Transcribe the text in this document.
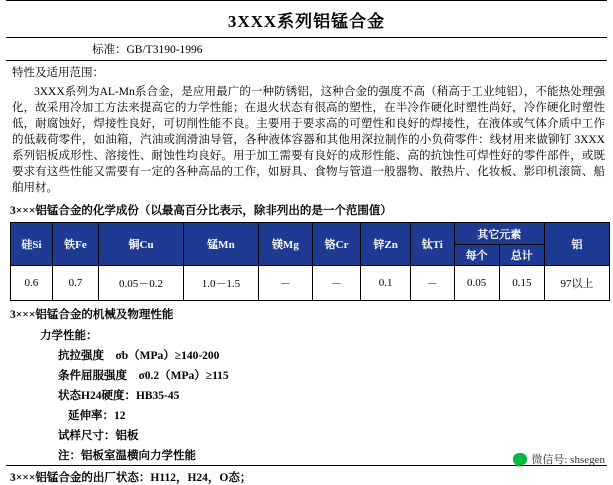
3XXX系列铝锰合金
标准：GB/T3190-1996
特性及适用范围：
3XXX系列为AL-Mn系合金，是应用最广的一种防锈铝，这种合金的强度不高（稍高于工业纯铝），不能热处理强化，故采用冷加工方法来提高它的力学性能；在退火状态有很高的塑性，在半冷作硬化时塑性尚好，冷作硬化时塑性低，耐腐蚀好，焊接性良好，可切削性能不良。主要用于要求高的可塑性和良好的焊接性，在液体或气体介质中工作的低载荷零件，如油箱，汽油或润滑油导管，各种液体容器和其他用深拉制作的小负荷零件：线材用来做铆钉 3XXX系列铝板成形性、溶接性、耐蚀性均良好。用于加工需要有良好的成形性能、高的抗蚀性可焊性好的零件部件，或既要求有这些性能又需要有一定的各种高品的工作，如厨具、食物与管道一般器物、散热片、化妆板、影印机滚筒、船舶用材。
3×××铝锰合金的化学成份（以最高百分比表示，除非列出的是一个范围值）
硅Si	铁Fe	铜Cu	锰Mn	镁Mg	铬Cr	锌Zn	钛Ti	其它元素		铝
								每个	总计	
0.6	0.7	0.05－0.2	1.0－1.5	－	－	0.1	－	0.05	0.15	97以上
3×××铝锰合金的机械及物理性能
力学性能：
抗拉强度　σb（MPa）≥140-200
条件屈服强度　σ0.2（MPa）≥115
状态H24硬度：HB35-45
延伸率：12
试样尺寸：铝板
注：铝板室温横向力学性能
3×××铝锰合金的出厂状态：H112，H24，O态；
微信号: shsegen
